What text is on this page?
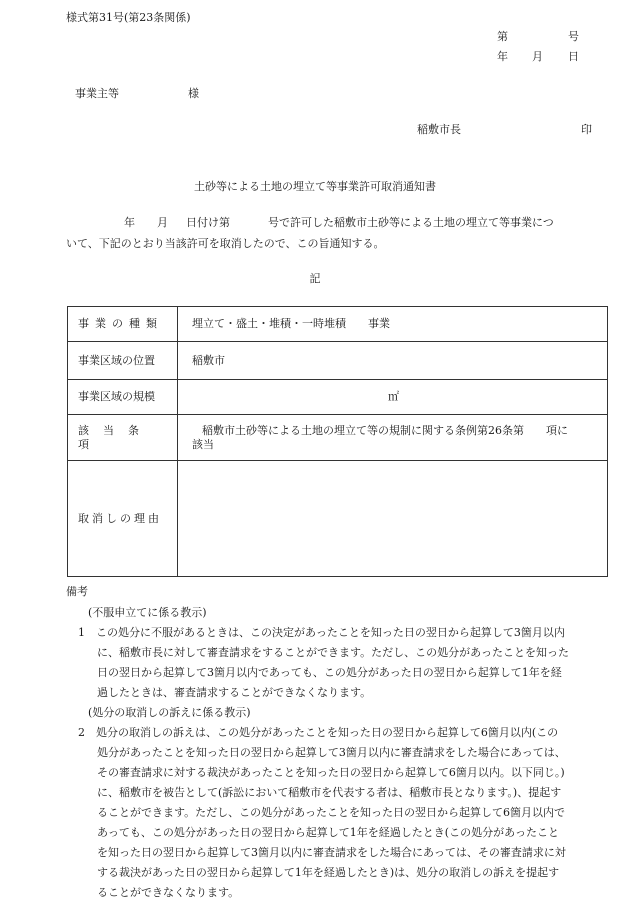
様式第31号(第23条関係)
第	号
年 月 日
事業主等	様
稲敷市長	印
土砂等による土地の埋立て等事業許可取消通知書
年 月 日付け第	号で許可した稲敷市土砂等による土地の埋立て等事業につ
いて、下記のとおり当該許可を取消したので、この旨通知する。
記
事業の種類	埋立て・盛土・堆積・一時堆積　　事業
事業区域の位置	稲敷市
事業区域の規模	㎡

該当条項	稲敷市土砂等による土地の埋立て等の規制に関する条例第26条第　　項に
該当

取消しの理由	
備考
(不服申立てに係る教示)
1　この処分に不服があるときは、この決定があったことを知った日の翌日から起算して3箇月以内
に、稲敷市長に対して審査請求をすることができます。ただし、この処分があったことを知った
日の翌日から起算して3箇月以内であっても、この処分があった日の翌日から起算して1年を経
過したときは、審査請求することができなくなります。
(処分の取消しの訴えに係る教示)
2　処分の取消しの訴えは、この処分があったことを知った日の翌日から起算して6箇月以内(この
処分があったことを知った日の翌日から起算して3箇月以内に審査請求をした場合にあっては、
その審査請求に対する裁決があったことを知った日の翌日から起算して6箇月以内。以下同じ。)
に、稲敷市を被告として(訴訟において稲敷市を代表する者は、稲敷市長となります。)、提起す
ることができます。ただし、この処分があったことを知った日の翌日から起算して6箇月以内で
あっても、この処分があった日の翌日から起算して1年を経過したとき(この処分があったこと
を知った日の翌日から起算して3箇月以内に審査請求をした場合にあっては、その審査請求に対
する裁決があった日の翌日から起算して1年を経過したとき)は、処分の取消しの訴えを提起す
ることができなくなります。
